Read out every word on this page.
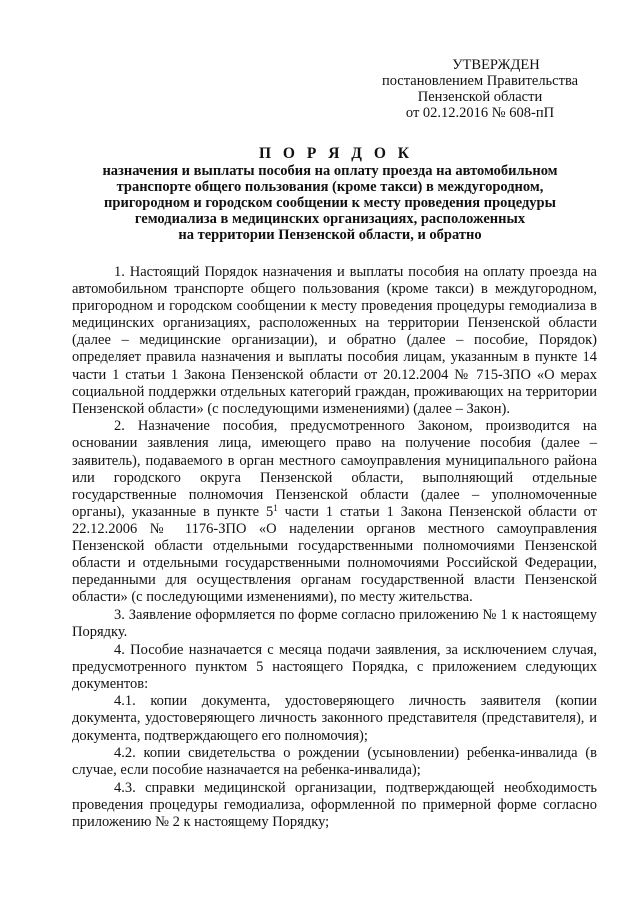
УТВЕРЖДЕН
постановлением Правительства
Пензенской области
от 02.12.2016 № 608-пП
П О Р Я Д О К
назначения и выплаты пособия на оплату проезда на автомобильном
транспорте общего пользования (кроме такси) в междугородном,
пригородном и городском сообщении к месту проведения процедуры
гемодиализа в медицинских организациях, расположенных
на территории Пензенской области, и обратно

1. Настоящий Порядок назначения и выплаты пособия на оплату проезда на автомобильном транспорте общего пользования (кроме такси) в междугородном, пригородном и городском сообщении к месту проведения процедуры гемодиализа в медицинских организациях, расположенных на территории Пензенской области (далее – медицинские организации), и обратно (далее – пособие, Порядок) определяет правила назначения и выплаты пособия лицам, указанным в пункте 14 части 1 статьи 1 Закона Пензенской области от 20.12.2004 № 715-ЗПО «О мерах социальной поддержки отдельных категорий граждан, проживающих на территории Пензенской области» (с последующими изменениями) (далее – Закон).

2. Назначение пособия, предусмотренного Законом, производится на основании заявления лица, имеющего право на получение пособия (далее – заявитель), подаваемого в орган местного самоуправления муниципального района или городского округа Пензенской области, выполняющий отдельные государственные полномочия Пензенской области (далее – уполномоченные органы), указанные в пункте $5^1$ части 1 статьи 1 Закона Пензенской области от 22.12.2006 № 1176-ЗПО «О наделении органов местного самоуправления Пензенской области отдельными государственными полномочиями Пензенской области и отдельными государственными полномочиями Российской Федерации, переданными для осуществления органам государственной власти Пензенской области» (с последующими изменениями), по месту жительства.

3. Заявление оформляется по форме согласно приложению № 1 к настоящему Порядку.

4. Пособие назначается с месяца подачи заявления, за исключением случая, предусмотренного пунктом 5 настоящего Порядка, с приложением следующих документов:

4.1. копии документа, удостоверяющего личность заявителя (копии документа, удостоверяющего личность законного представителя (представителя), и документа, подтверждающего его полномочия);

4.2. копии свидетельства о рождении (усыновлении) ребенка-инвалида (в случае, если пособие назначается на ребенка-инвалида);

4.3. справки медицинской организации, подтверждающей необходимость проведения процедуры гемодиализа, оформленной по примерной форме согласно приложению № 2 к настоящему Порядку;
